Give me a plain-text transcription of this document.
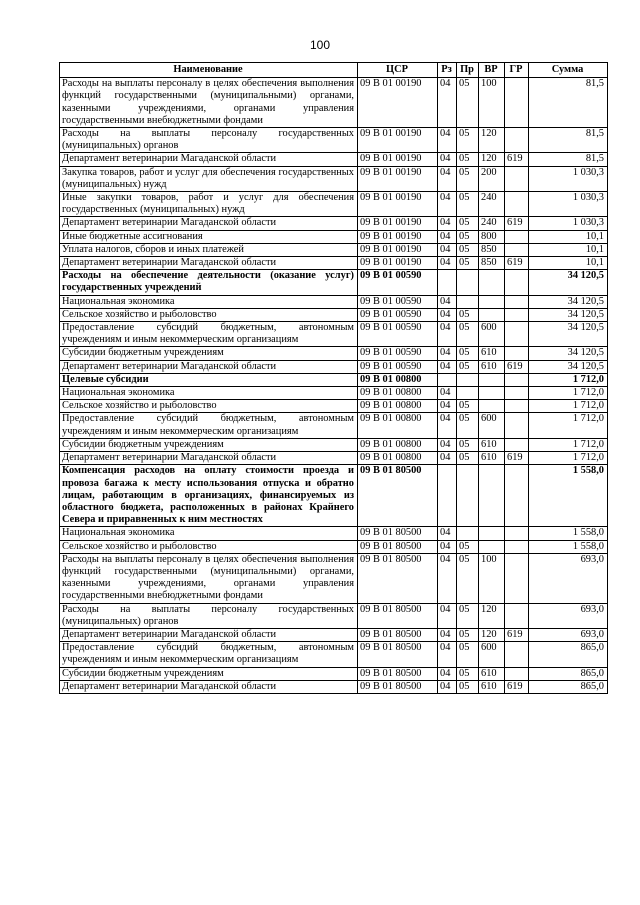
100
Наименование	ЦСР	Рз	Пр	ВР	ГР	Сумма
Расходы на выплаты персоналу в целях обеспечения выполнения функций государственными (муниципальными) органами, казенными учреждениями, органами управления государственными внебюджетными фондами	09 В 01 00190	04	05	100		81,5
Расходы на выплаты персоналу государственных (муниципальных) органов	09 В 01 00190	04	05	120		81,5
Департамент ветеринарии Магаданской области	09 В 01 00190	04	05	120	619	81,5
Закупка товаров, работ и услуг для обеспечения государственных (муниципальных) нужд	09 В 01 00190	04	05	200		1 030,3
Иные закупки товаров, работ и услуг для обеспечения государственных (муниципальных) нужд	09 В 01 00190	04	05	240		1 030,3
Департамент ветеринарии Магаданской области	09 В 01 00190	04	05	240	619	1 030,3
Иные бюджетные ассигнования	09 В 01 00190	04	05	800		10,1
Уплата налогов, сборов и иных платежей	09 В 01 00190	04	05	850		10,1
Департамент ветеринарии Магаданской области	09 В 01 00190	04	05	850	619	10,1
Расходы на обеспечение деятельности (оказание услуг) государственных учреждений	09 В 01 00590					34 120,5
Национальная экономика	09 В 01 00590	04				34 120,5
Сельское хозяйство и рыболовство	09 В 01 00590	04	05			34 120,5
Предоставление субсидий бюджетным, автономным учреждениям и иным некоммерческим организациям	09 В 01 00590	04	05	600		34 120,5
Субсидии бюджетным учреждениям	09 В 01 00590	04	05	610		34 120,5
Департамент ветеринарии Магаданской области	09 В 01 00590	04	05	610	619	34 120,5
Целевые субсидии	09 В 01 00800					1 712,0
Национальная экономика	09 В 01 00800	04				1 712,0
Сельское хозяйство и рыболовство	09 В 01 00800	04	05			1 712,0
Предоставление субсидий бюджетным, автономным учреждениям и иным некоммерческим организациям	09 В 01 00800	04	05	600		1 712,0
Субсидии бюджетным учреждениям	09 В 01 00800	04	05	610		1 712,0
Департамент ветеринарии Магаданской области	09 В 01 00800	04	05	610	619	1 712,0
Компенсация расходов на оплату стоимости проезда и провоза багажа к месту использования отпуска и обратно лицам, работающим в организациях, финансируемых из областного бюджета, расположенных в районах Крайнего Севера и приравненных к ним местностях	09 В 01 80500					1 558,0
Национальная экономика	09 В 01 80500	04				1 558,0
Сельское хозяйство и рыболовство	09 В 01 80500	04	05			1 558,0
Расходы на выплаты персоналу в целях обеспечения выполнения функций государственными (муниципальными) органами, казенными учреждениями, органами управления государственными внебюджетными фондами	09 В 01 80500	04	05	100		693,0
Расходы на выплаты персоналу государственных (муниципальных) органов	09 В 01 80500	04	05	120		693,0
Департамент ветеринарии Магаданской области	09 В 01 80500	04	05	120	619	693,0
Предоставление субсидий бюджетным, автономным учреждениям и иным некоммерческим организациям	09 В 01 80500	04	05	600		865,0
Субсидии бюджетным учреждениям	09 В 01 80500	04	05	610		865,0
Департамент ветеринарии Магаданской области	09 В 01 80500	04	05	610	619	865,0
